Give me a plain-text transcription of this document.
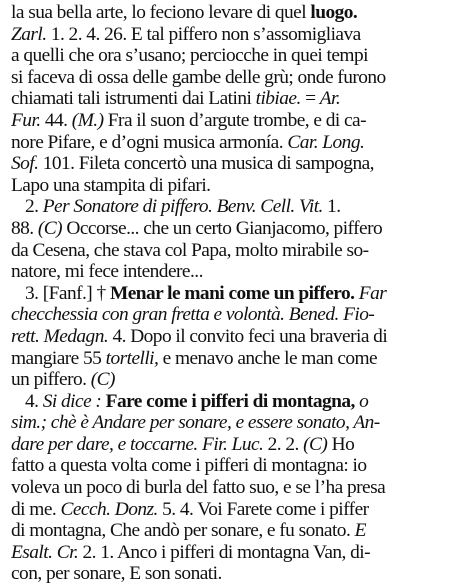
la sua bella arte, lo feciono levare di quel luogo.
Zarl. 1. 2. 4. 26. E tal piffero non s’assomigliava
a quelli che ora s’usano; perciocche in quei tempi
si faceva di ossa delle gambe delle grù; onde furono
chiamati tali istrumenti dai Latini tibiae. = Ar.
Fur. 44. (M.) Fra il suon d’argute trombe, e di ca-
nore Pifare, e d’ogni musica armonía. Car. Long.
Sof. 101. Fileta concertò una musica di sampogna,
Lapo una stampita di pifari.
2. Per Sonatore di piffero. Benv. Cell. Vit. 1.
88. (C) Occorse... che un certo Gianjacomo, piffero
da Cesena, che stava col Papa, molto mirabile so-
natore, mi fece intendere...
3. [Fanf.] † Menar le mani come un piffero. Far
checchessia con gran fretta e volontà. Bened. Fio-
rett. Medagn. 4. Dopo il convito feci una braveria di
mangiare 55 tortelli, e menavo anche le man come
un piffero. (C)
4. Si dice : Fare come i pifferi di montagna, o
sim.; chè è Andare per sonare, e essere sonato, An-
dare per dare, e toccarne. Fir. Luc. 2. 2. (C) Ho
fatto a questa volta come i pifferi di montagna: io
voleva un poco di burla del fatto suo, e se l’ha presa
di me. Cecch. Donz. 5. 4. Voi Farete come i piffer
di montagna, Che andò per sonare, e fu sonato. E
Esalt. Cr. 2. 1. Anco i pifferi di montagna Van, di-
con, per sonare, E son sonati.
